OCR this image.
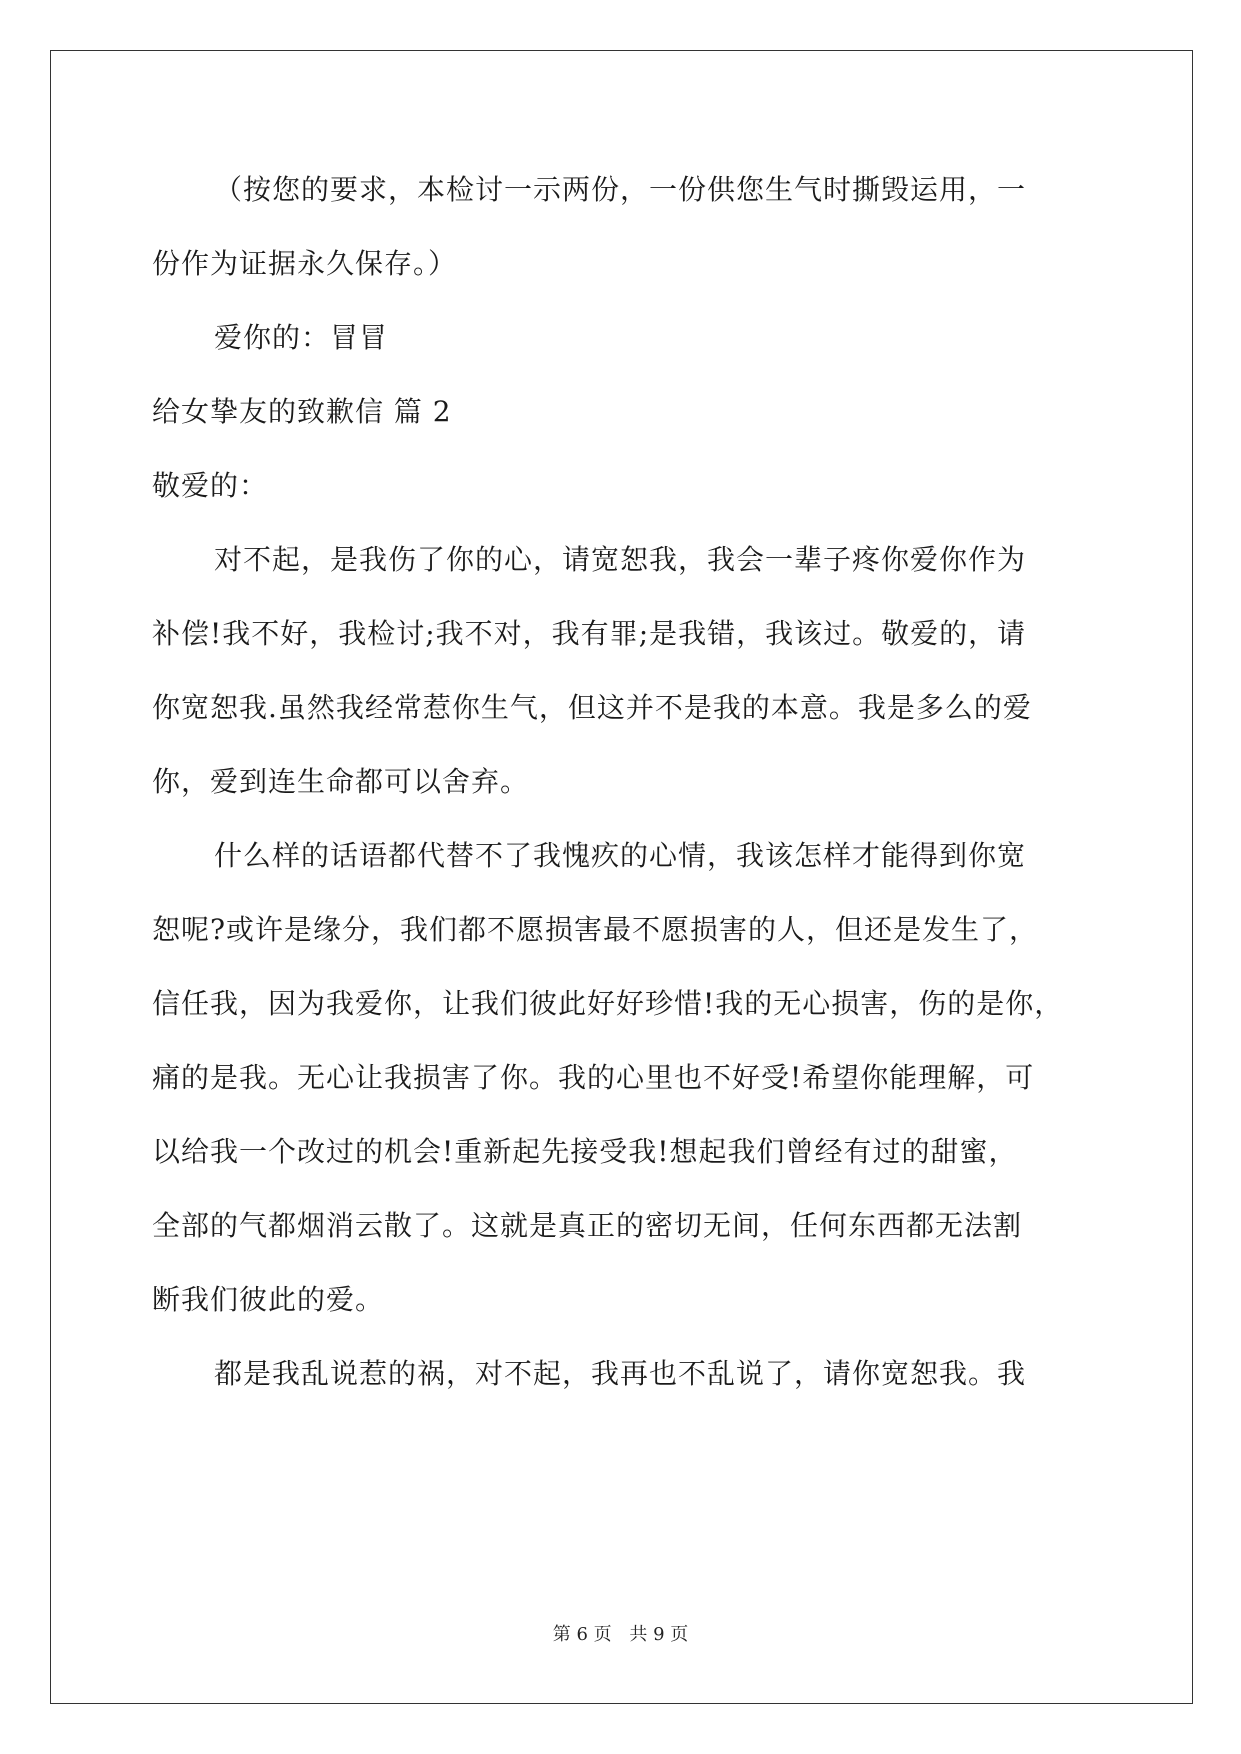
（按您的要求，本检讨一示两份，一份供您生气时撕毁运用，一

份作为证据永久保存。）

爱你的：冒冒

给女挚友的致歉信 篇 2

敬爱的：

对不起，是我伤了你的心，请宽恕我，我会一辈子疼你爱你作为

补偿!我不好，我检讨;我不对，我有罪;是我错，我该过。敬爱的，请

你宽恕我.虽然我经常惹你生气，但这并不是我的本意。我是多么的爱

你，爱到连生命都可以舍弃。

什么样的话语都代替不了我愧疚的心情，我该怎样才能得到你宽

恕呢?或许是缘分，我们都不愿损害最不愿损害的人，但还是发生了，

信任我，因为我爱你，让我们彼此好好珍惜!我的无心损害，伤的是你，

痛的是我。无心让我损害了你。我的心里也不好受!希望你能理解，可

以给我一个改过的机会!重新起先接受我!想起我们曾经有过的甜蜜，

全部的气都烟消云散了。这就是真正的密切无间，任何东西都无法割

断我们彼此的爱。

都是我乱说惹的祸，对不起，我再也不乱说了，请你宽恕我。我

第 6 页 共 9 页
